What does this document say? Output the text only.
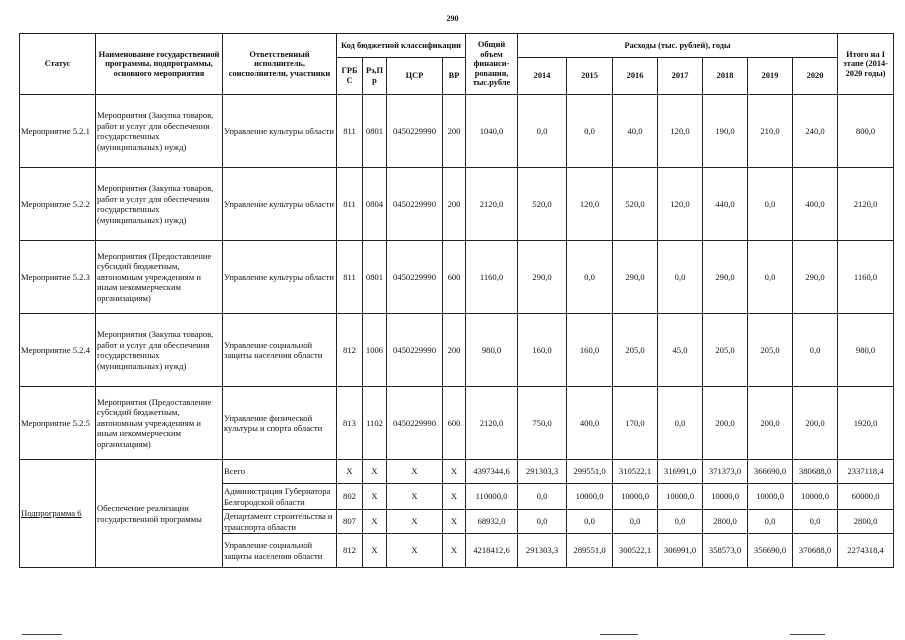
290
Статус	Наименование государственной программы, подпрограммы, основного мероприятия	Ответственный исполнитель, соисполнители, участники	Код бюджетной классификации				Общий объем финанси-рования, тыс.рубле	Расходы (тыс. рублей), годы							Итого на I этапе (2014-2020 годы)
			ГРБ С	Рз,П р	ЦСР	ВР		2014	2015	2016	2017	2018	2019	2020	
Мероприятие 5.2.1	Мероприятия (Закупка товаров, работ и услуг для обеспечения государственных (муниципальных) нужд)	Управление культуры области	811	0801	0450229990	200	1040,0	0,0	0,0	40,0	120,0	190,0	210,0	240,0	800,0
Мероприятие 5.2.2	Мероприятия (Закупка товаров, работ и услуг для обеспечения государственных (муниципальных) нужд)	Управление культуры области	811	0804	0450229990	200	2120,0	520,0	120,0	520,0	120,0	440,0	0,0	400,0	2120,0
Мероприятие 5.2.3	Мероприятия (Предоставление субсидий бюджетным, автономным учреждениям и иным некоммерческим организациям)	Управление культуры области	811	0801	0450229990	600	1160,0	290,0	0,0	290,0	0,0	290,0	0,0	290,0	1160,0
Мероприятие 5.2.4	Мероприятия (Закупка товаров, работ и услуг для обеспечения государственных (муниципальных) нужд)	Управление социальной защиты населения области	812	1006	0450229990	200	980,0	160,0	160,0	205,0	45,0	205,0	205,0	0,0	980,0
Мероприятие 5.2.5	Мероприятия (Предоставление субсидий бюджетным, автономным учреждениям и иным некоммерческим организациям)	Управление физической культуры и спорта области	813	1102	0450229990	600	2120,0	750,0	400,0	170,0	0,0	200,0	200,0	200,0	1920,0
Подпрограмма 6	Обеспечение реализации государственной программы	Всего	Х	Х	Х	Х	4397344,6	291303,3	299551,0	310522,1	316991,0	371373,0	366690,0	380688,0	2337118,4
		Администрация Губернатора Белгородской области	802	Х	Х	Х	110000,0	0,0	10000,0	10000,0	10000,0	10000,0	10000,0	10000,0	60000,0
		Департамент строительства и транспорта области	807	Х	Х	Х	68932,0	0,0	0,0	0,0	0,0	2800,0	0,0	0,0	2800,0
		Управление социальной защиты населения области	812	Х	Х	Х	4218412,6	291303,3	289551,0	300522,1	306991,0	358573,0	356690,0	370688,0	2274318,4
